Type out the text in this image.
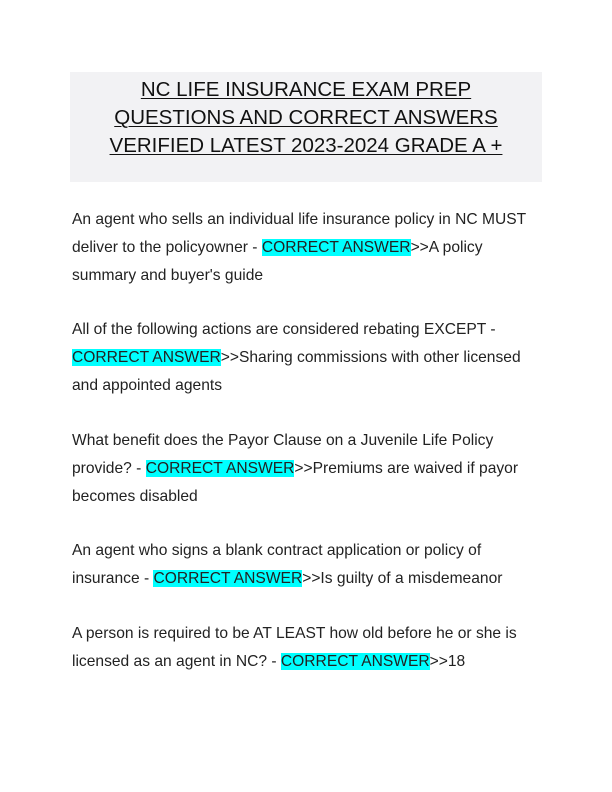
NC LIFE INSURANCE EXAM PREP
QUESTIONS AND CORRECT ANSWERS
VERIFIED LATEST 2023-2024 GRADE A +
An agent who sells an individual life insurance policy in NC MUST
deliver to the policyowner - CORRECT ANSWER>>A policy
summary and buyer's guide
All of the following actions are considered rebating EXCEPT -
CORRECT ANSWER>>Sharing commissions with other licensed
and appointed agents
What benefit does the Payor Clause on a Juvenile Life Policy
provide? - CORRECT ANSWER>>Premiums are waived if payor
becomes disabled
An agent who signs a blank contract application or policy of
insurance - CORRECT ANSWER>>Is guilty of a misdemeanor
A person is required to be AT LEAST how old before he or she is
licensed as an agent in NC? - CORRECT ANSWER>>18
